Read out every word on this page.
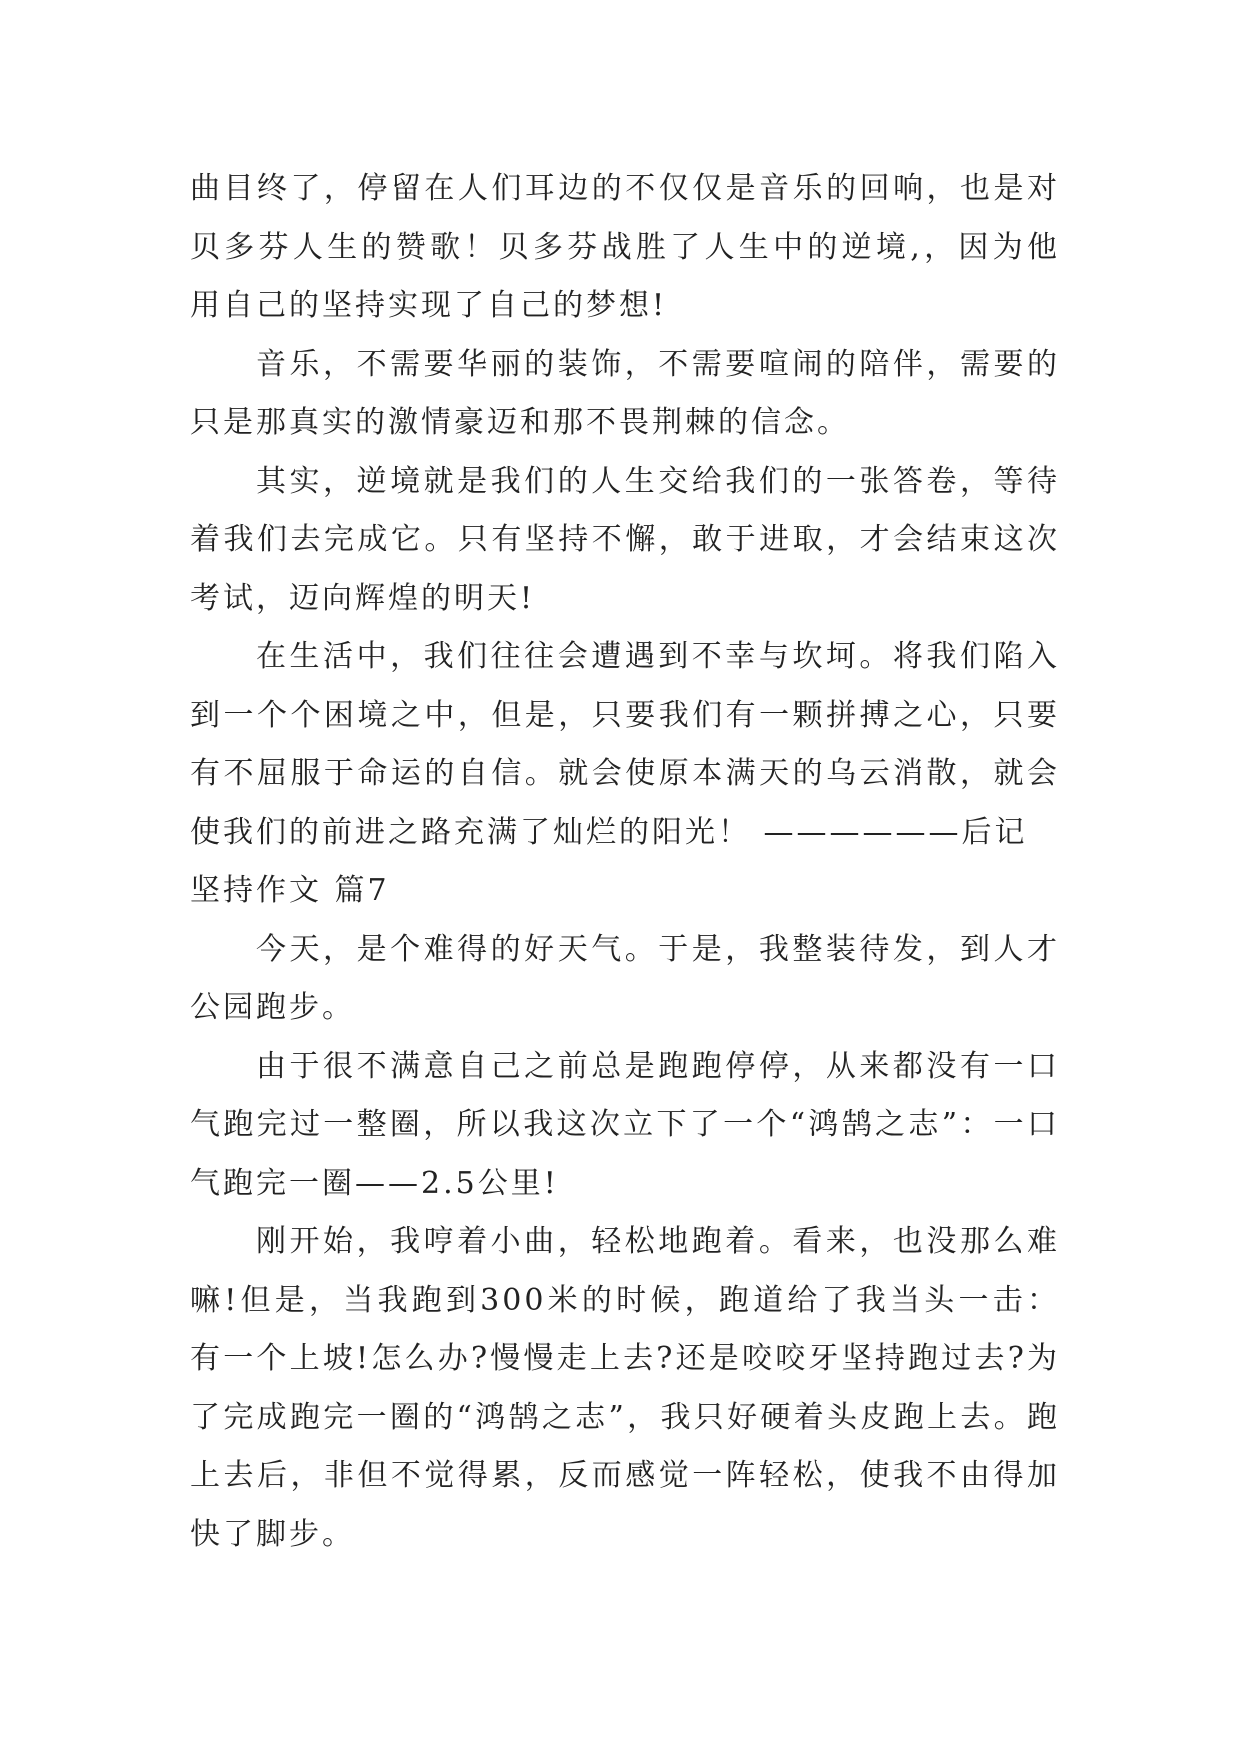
曲目终了，停留在人们耳边的不仅仅是音乐的回响，也是对贝多芬人生的赞歌！贝多芬战胜了人生中的逆境,，因为他用自己的坚持实现了自己的梦想!

音乐，不需要华丽的装饰，不需要喧闹的陪伴，需要的只是那真实的激情豪迈和那不畏荆棘的信念。

其实，逆境就是我们的人生交给我们的一张答卷，等待着我们去完成它。只有坚持不懈，敢于进取，才会结束这次考试，迈向辉煌的明天!

在生活中，我们往往会遭遇到不幸与坎坷。将我们陷入到一个个困境之中，但是，只要我们有一颗拼搏之心，只要有不屈服于命运的自信。就会使原本满天的乌云消散，就会使我们的前进之路充满了灿烂的阳光！ ——————后记

坚持作文 篇7

今天，是个难得的好天气。于是，我整装待发，到人才公园跑步。

由于很不满意自己之前总是跑跑停停，从来都没有一口气跑完过一整圈，所以我这次立下了一个“鸿鹄之志”：一口气跑完一圈——2.5公里!

刚开始，我哼着小曲，轻松地跑着。看来，也没那么难嘛!但是，当我跑到300米的时候，跑道给了我当头一击：有一个上坡!怎么办?慢慢走上去?还是咬咬牙坚持跑过去?为了完成跑完一圈的“鸿鹄之志”，我只好硬着头皮跑上去。跑上去后，非但不觉得累，反而感觉一阵轻松，使我不由得加快了脚步。
